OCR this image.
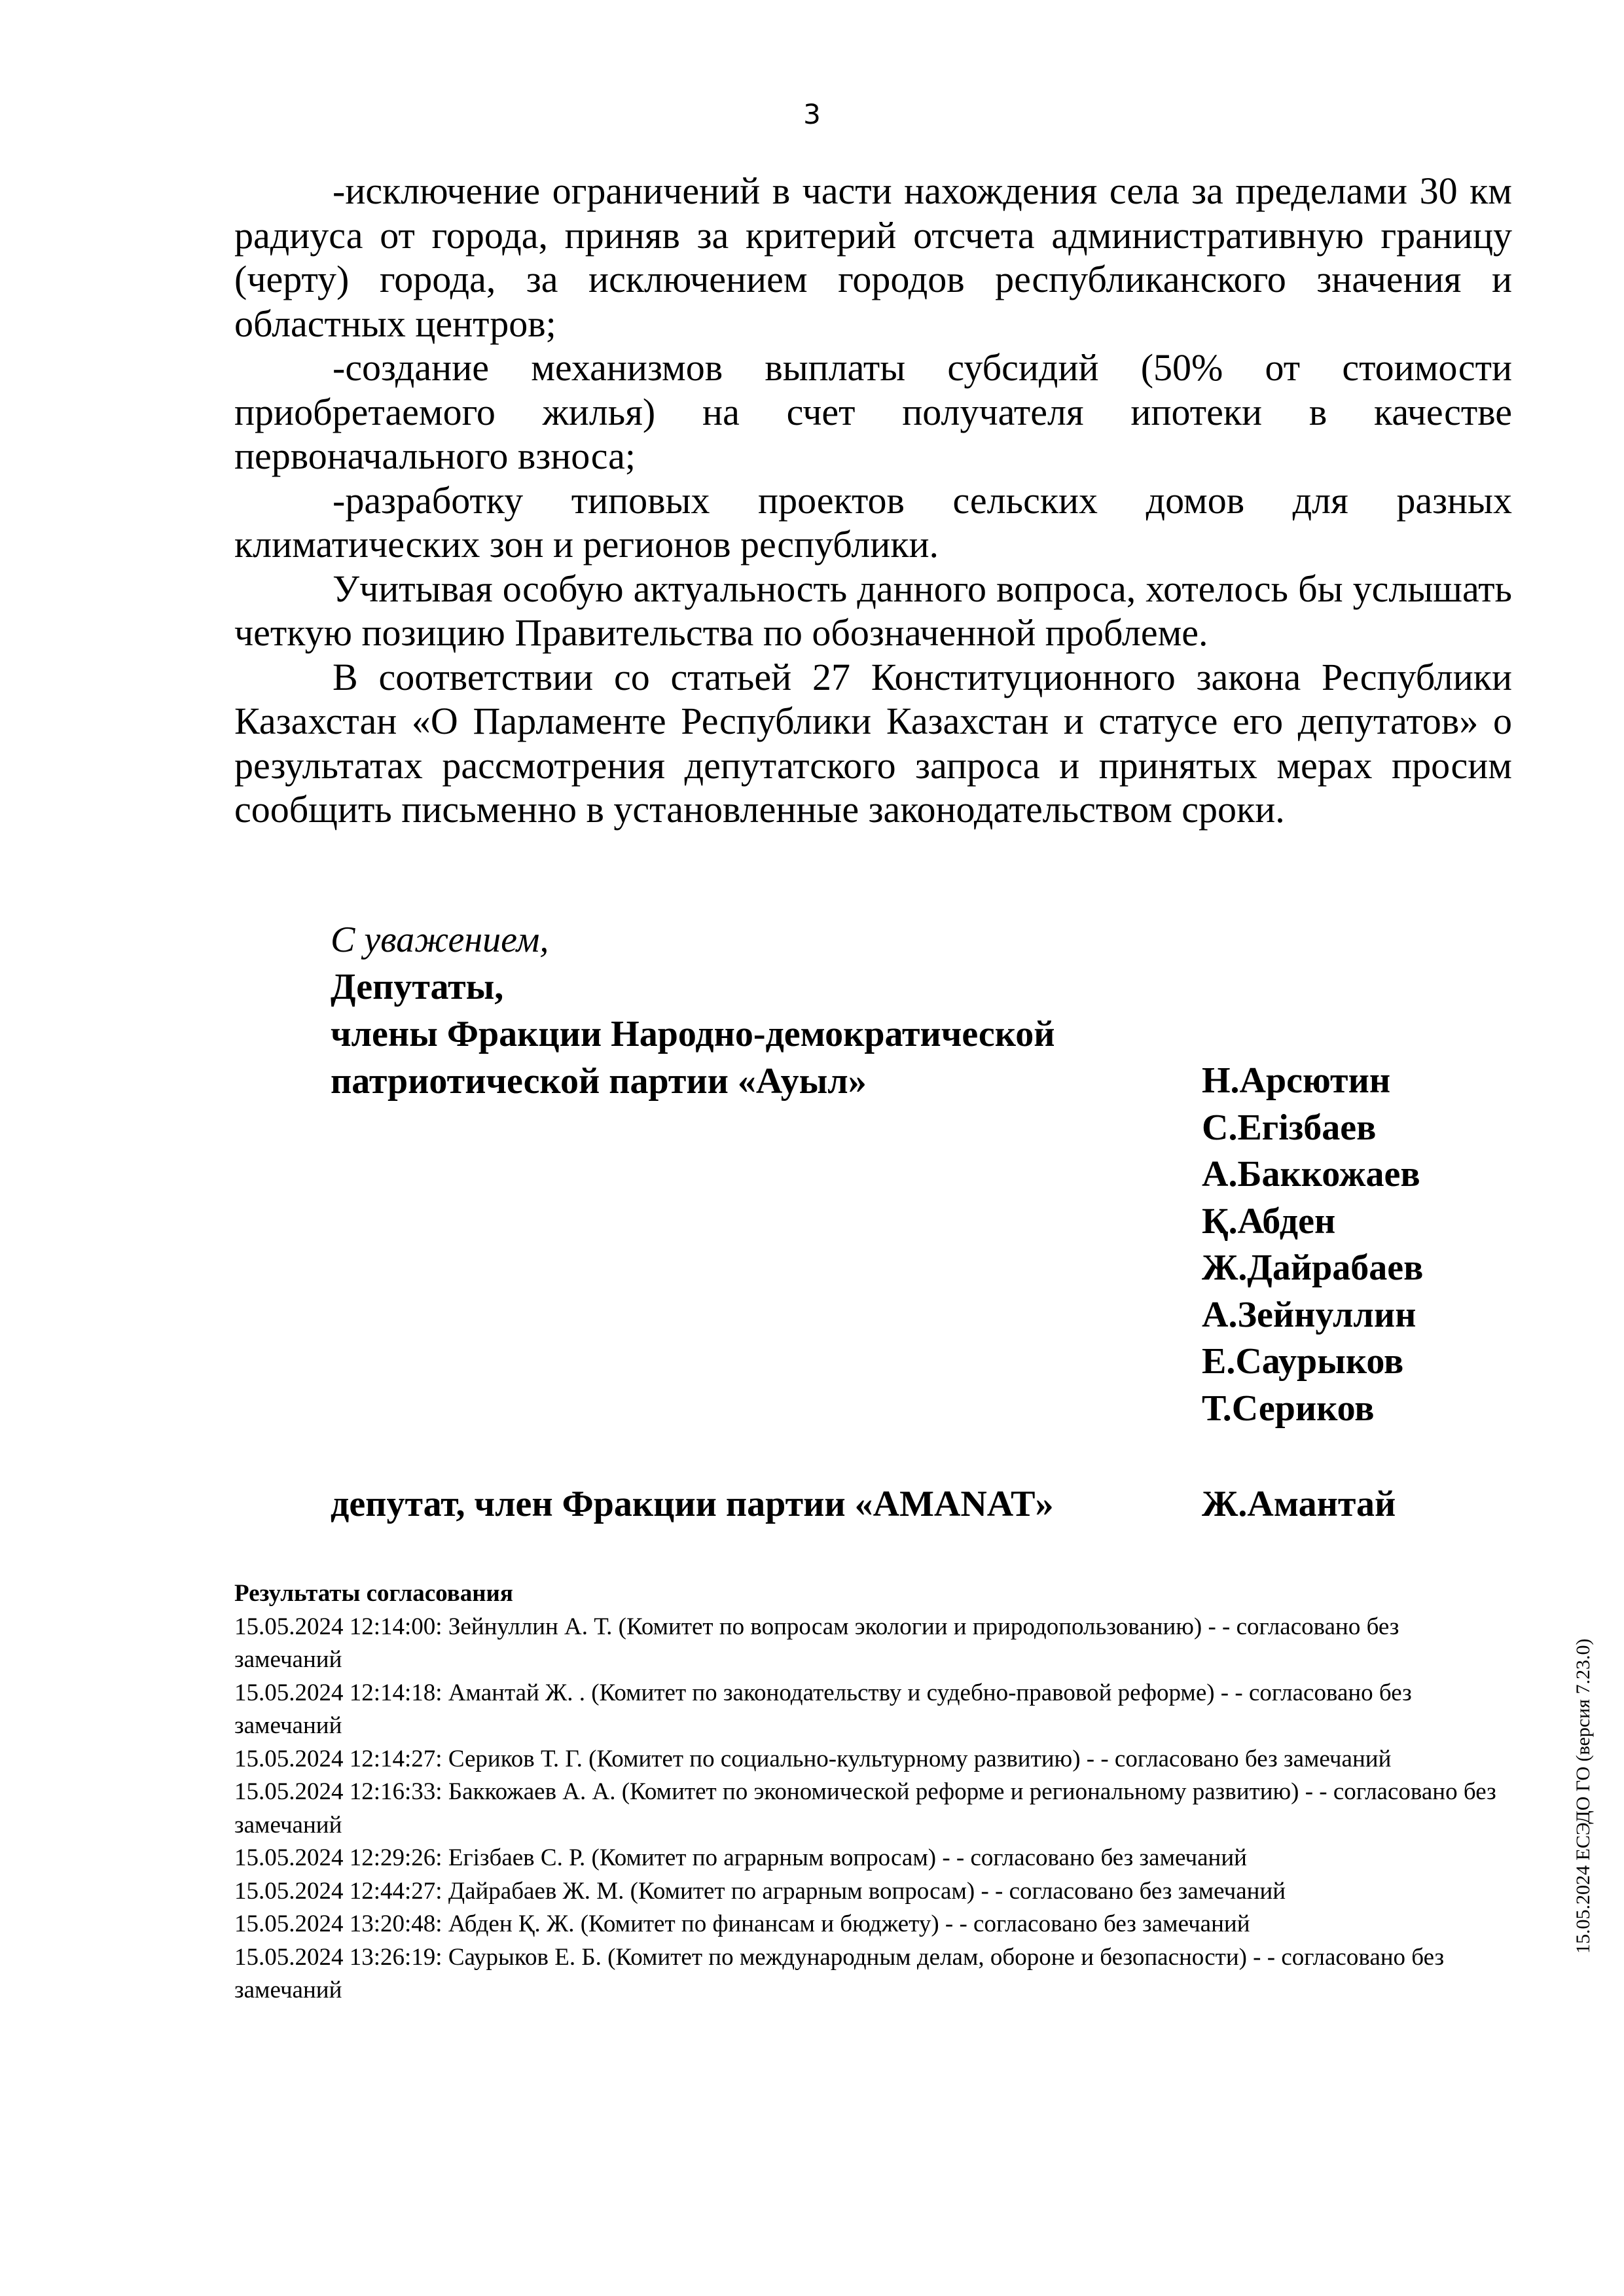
3

-исключение ограничений в части нахождения села за пределами 30 км радиуса от города, приняв за критерий отсчета административную границу (черту) города, за исключением городов республиканского значения и областных центров;

-создание механизмов выплаты субсидий (50% от стоимости приобретаемого жилья) на счет получателя ипотеки в качестве первоначального взноса;

-разработку типовых проектов сельских домов для разных климатических зон и регионов республики.

Учитывая особую актуальность данного вопроса, хотелось бы услышать четкую позицию Правительства по обозначенной проблеме.

В соответствии со статьей 27 Конституционного закона Республики Казахстан «О Парламенте Республики Казахстан и статусе его депутатов» о результатах рассмотрения депутатского запроса и принятых мерах просим сообщить письменно в установленные законодательством сроки.

С уважением,
Депутаты,
члены Фракции Народно-демократической
патриотической партии «Ауыл»	Н.Арсютин
С.Егізбаев
А.Баккожаев
Қ.Абден
Ж.Дайрабаев
А.Зейнуллин
Е.Саурыков
Т.Сериков
депутат, член Фракции партии «AMANAT»	Ж.Амантай
Результаты согласования
15.05.2024 12:14:00: Зейнуллин А. Т. (Комитет по вопросам экологии и природопользованию) - - согласовано без замечаний
15.05.2024 12:14:18: Амантай Ж. . (Комитет по законодательству и судебно-правовой реформе) - - согласовано без замечаний
15.05.2024 12:14:27: Сериков Т. Г. (Комитет по социально-культурному развитию) - - согласовано без замечаний
15.05.2024 12:16:33: Баккожаев А. А. (Комитет по экономической реформе и региональному развитию) - - согласовано без замечаний
15.05.2024 12:29:26: Егізбаев С. Р. (Комитет по аграрным вопросам) - - согласовано без замечаний
15.05.2024 12:44:27: Дайрабаев Ж. М. (Комитет по аграрным вопросам) - - согласовано без замечаний
15.05.2024 13:20:48: Абден Қ. Ж. (Комитет по финансам и бюджету) - - согласовано без замечаний
15.05.2024 13:26:19: Саурыков Е. Б. (Комитет по международным делам, обороне и безопасности) - - согласовано без замечаний
15.05.2024 ЕСЭДО ГО (версия 7.23.0)
